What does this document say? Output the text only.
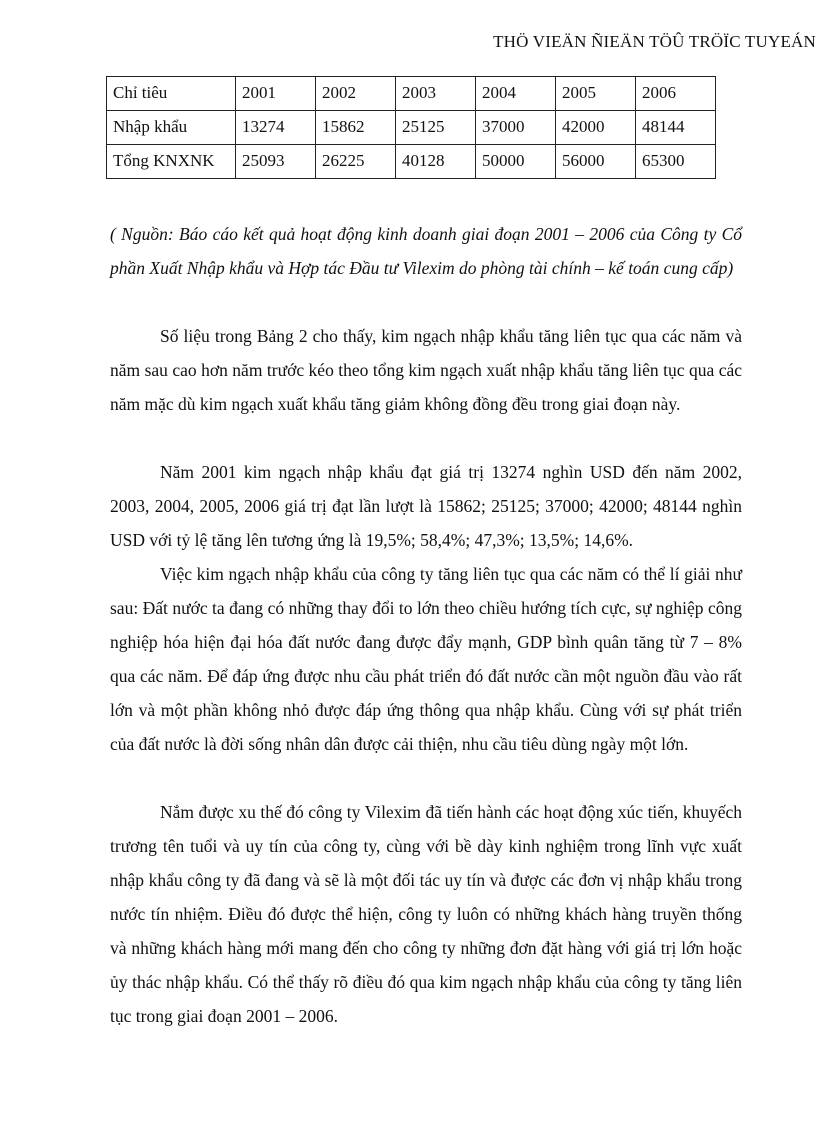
THÖ VIEÄN ÑIEÄN TÖÛ TRÖÏC TUYEÁN
Chỉ tiêu	2001	2002	2003	2004	2005	2006
Nhập khẩu	13274	15862	25125	37000	42000	48144
Tổng KNXNK	25093	26225	40128	50000	56000	65300
( Nguồn: Báo cáo kết quả hoạt động kinh doanh giai đoạn 2001 – 2006 của Công ty Cổ phần Xuất Nhập khẩu và Hợp tác Đầu tư Vilexim do phòng tài chính – kế toán cung cấp)

Số liệu trong Bảng 2 cho thấy, kim ngạch nhập khẩu tăng liên tục qua các năm và năm sau cao hơn năm trước kéo theo tổng kim ngạch xuất nhập khẩu tăng liên tục qua các năm mặc dù kim ngạch xuất khẩu tăng giảm không đồng đều trong giai đoạn này.

Năm 2001 kim ngạch nhập khẩu đạt giá trị 13274 nghìn USD đến năm 2002, 2003, 2004, 2005, 2006 giá trị đạt lần lượt là 15862; 25125; 37000; 42000; 48144 nghìn USD với tỷ lệ tăng lên tương ứng là 19,5%; 58,4%; 47,3%; 13,5%; 14,6%.

Việc kim ngạch nhập khẩu của công ty tăng liên tục qua các năm có thể lí giải như sau: Đất nước ta đang có những thay đổi to lớn theo chiều hướng tích cực, sự nghiệp công nghiệp hóa hiện đại hóa đất nước đang được đẩy mạnh, GDP bình quân tăng từ 7 – 8% qua các năm. Để đáp ứng được nhu cầu phát triển đó đất nước cần một nguồn đầu vào rất lớn và một phần không nhỏ được đáp ứng thông qua nhập khẩu. Cùng với sự phát triển của đất nước là đời sống nhân dân được cải thiện, nhu cầu tiêu dùng ngày một lớn.

Nắm được xu thế đó công ty Vilexim đã tiến hành các hoạt động xúc tiến, khuyếch trương tên tuổi và uy tín của công ty, cùng với bề dày kinh nghiệm trong lĩnh vực xuất nhập khẩu công ty đã đang và sẽ là một đối tác uy tín và được các đơn vị nhập khẩu trong nước tín nhiệm. Điều đó được thể hiện, công ty luôn có những khách hàng truyền thống và những khách hàng mới mang đến cho công ty những đơn đặt hàng với giá trị lớn hoặc ủy thác nhập khẩu. Có thể thấy rõ điều đó qua kim ngạch nhập khẩu của công ty tăng liên tục trong giai đoạn 2001 – 2006.
